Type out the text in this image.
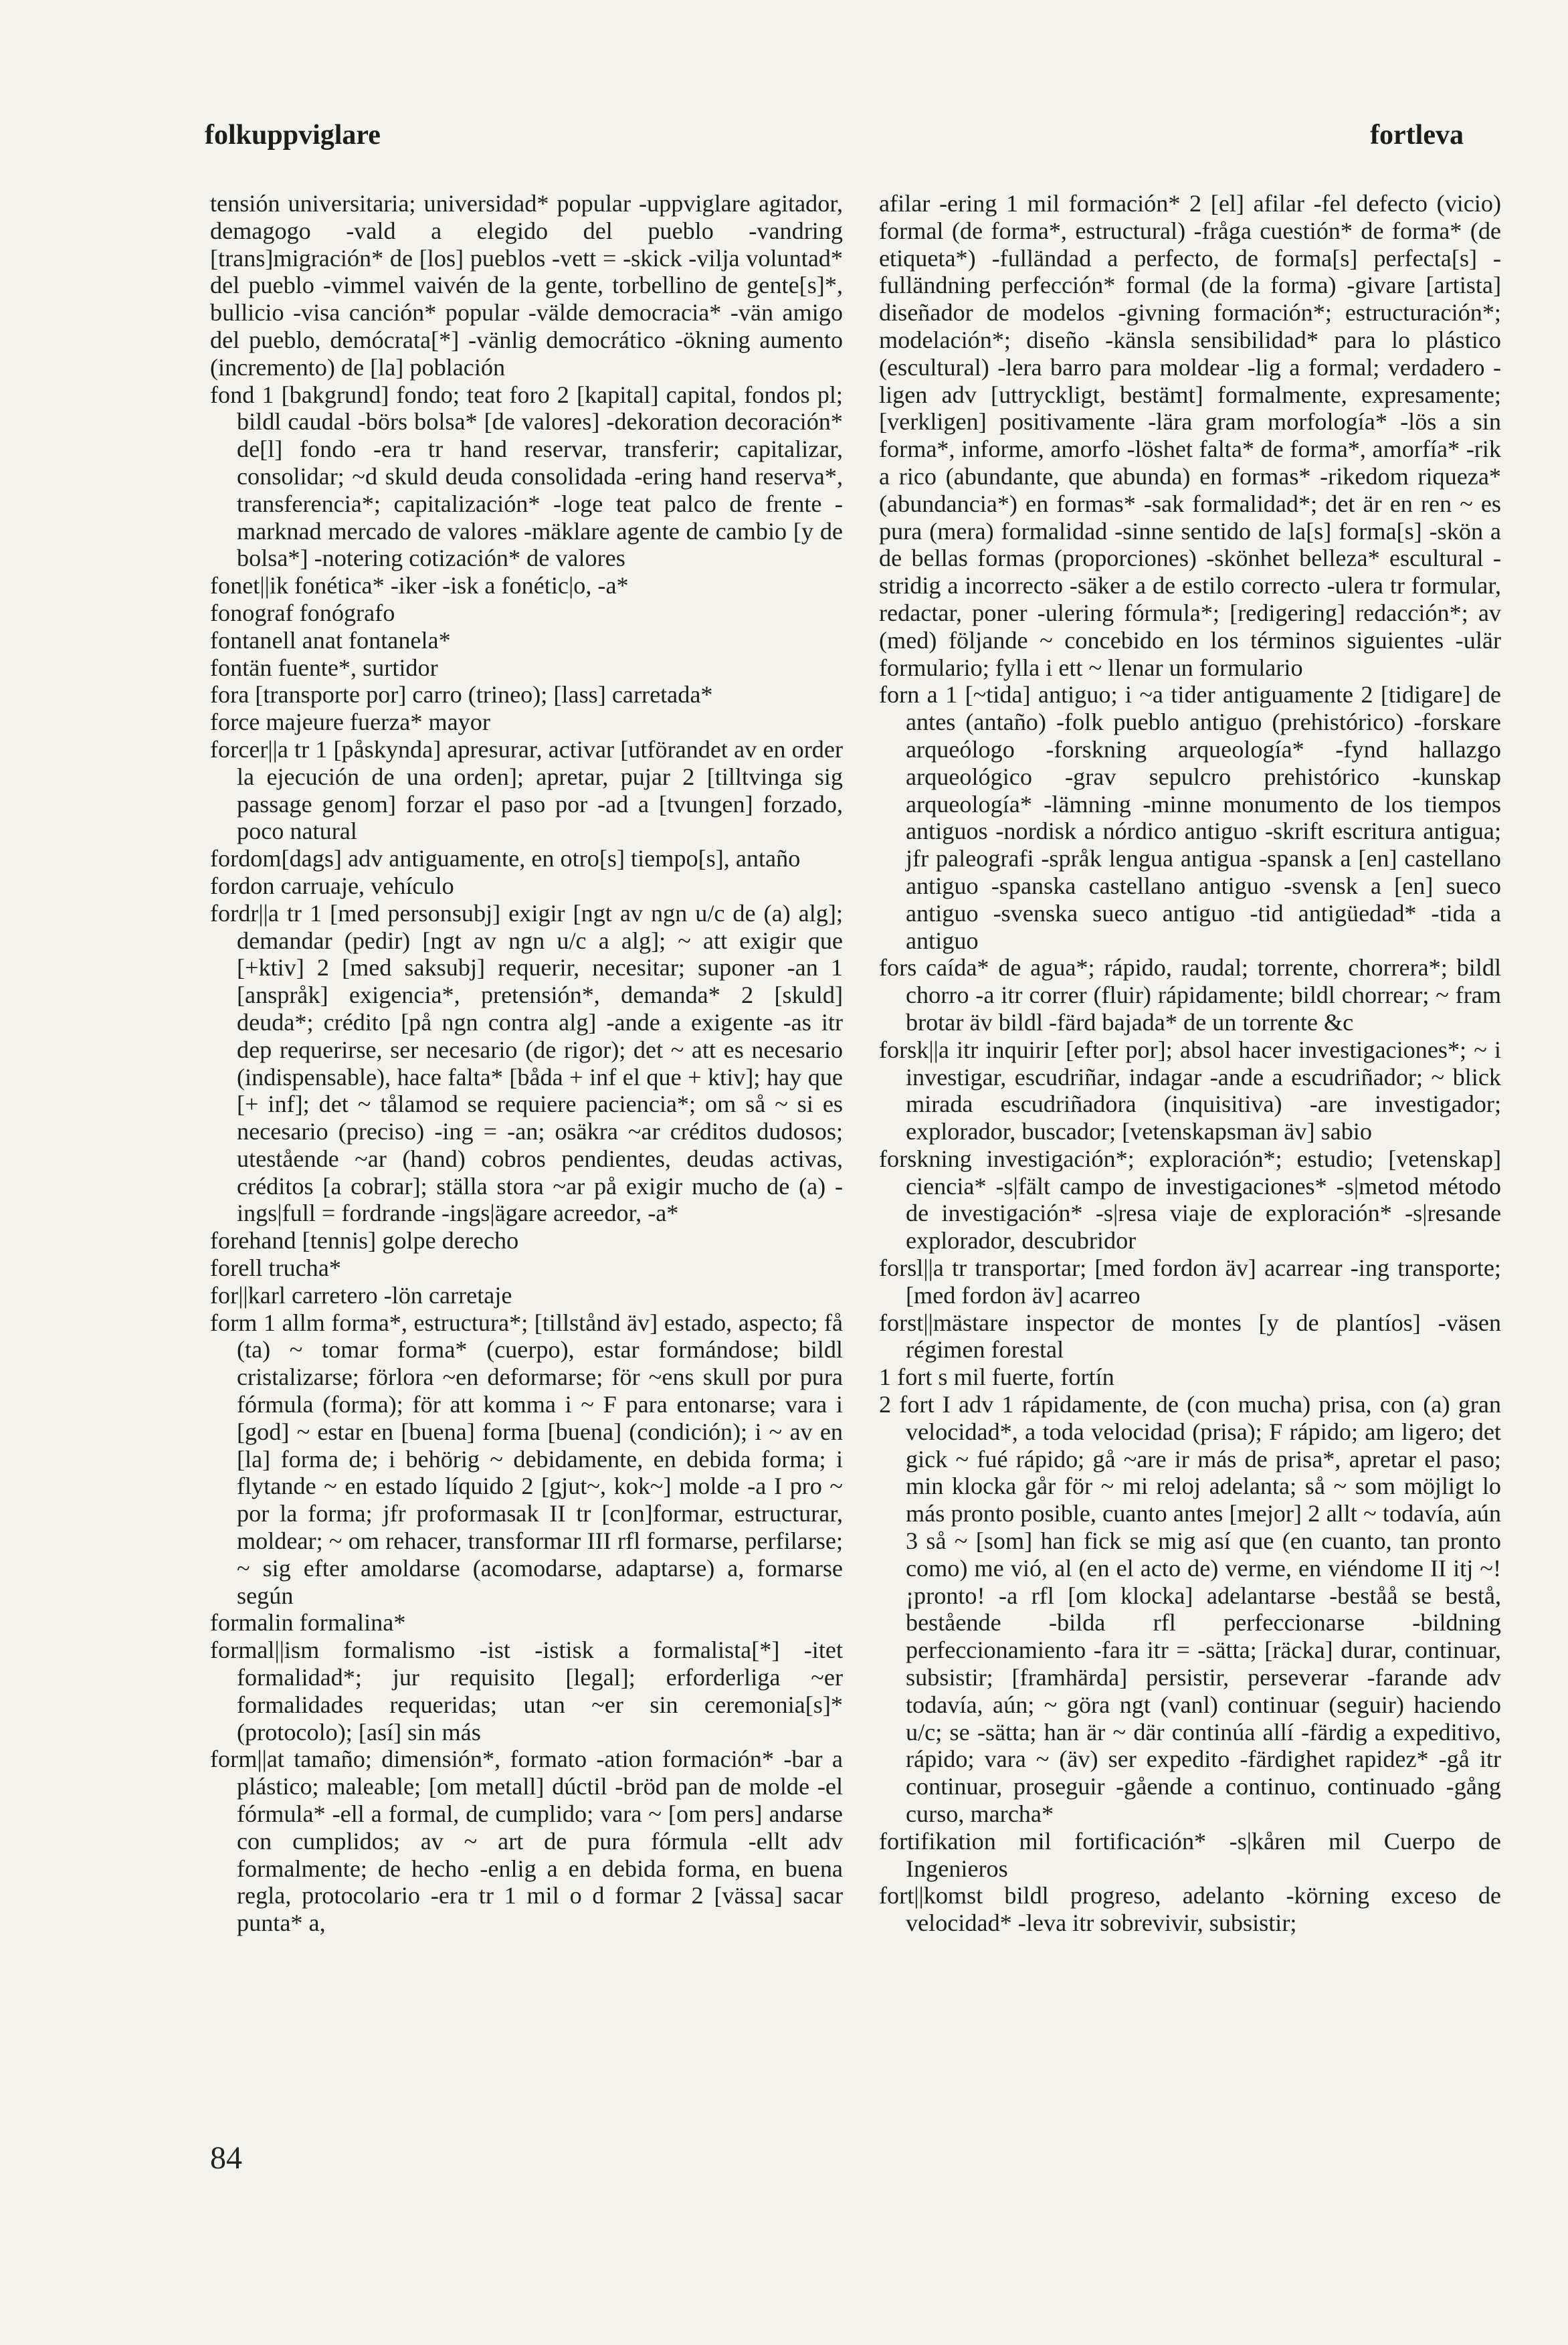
folkuppviglare	fortleva

tensión universitaria; universidad* popular -uppviglare agitador, demagogo -vald a elegido del pueblo -vandring [trans]migración* de [los] pueblos -vett = -skick -vilja voluntad* del pueblo -vimmel vaivén de la gente, torbellino de gente[s]*, bullicio -visa canción* popular -välde democracia* -vän amigo del pueblo, demócrata[*] -vänlig democrático -ökning aumento (incremento) de [la] población

fond 1 [bakgrund] fondo; teat foro 2 [kapital] capital, fondos pl; bildl caudal -börs bolsa* [de valores] -dekoration decoración* de[l] fondo -era tr hand reservar, transferir; capitalizar, consolidar; ~d skuld deuda consolidada -ering hand reserva*, transferencia*; capitalización* -loge teat palco de frente -marknad mercado de valores -mäklare agente de cambio [y de bolsa*] -notering cotización* de valores

fonet||ik fonética* -iker -isk a fonétic|o, -a*

fonograf fonógrafo

fontanell anat fontanela*

fontän fuente*, surtidor

fora [transporte por] carro (trineo); [lass] carretada*

force majeure fuerza* mayor

forcer||a tr 1 [påskynda] apresurar, activar [utförandet av en order la ejecución de una orden]; apretar, pujar 2 [tilltvinga sig passage genom] forzar el paso por -ad a [tvungen] forzado, poco natural

fordom[dags] adv antiguamente, en otro[s] tiempo[s], antaño

fordon carruaje, vehículo

fordr||a tr 1 [med personsubj] exigir [ngt av ngn u/c de (a) alg]; demandar (pedir) [ngt av ngn u/c a alg]; ~ att exigir que [+ktiv] 2 [med saksubj] requerir, necesitar; suponer -an 1 [anspråk] exigencia*, pretensión*, demanda* 2 [skuld] deuda*; crédito [på ngn contra alg] -ande a exigente -as itr dep requerirse, ser necesario (de rigor); det ~ att es necesario (indispensable), hace falta* [båda + inf el que + ktiv]; hay que [+ inf]; det ~ tålamod se requiere paciencia*; om så ~ si es necesario (preciso) -ing = -an; osäkra ~ar créditos dudosos; utestående ~ar (hand) cobros pendientes, deudas activas, créditos [a cobrar]; ställa stora ~ar på exigir mucho de (a) -ings|full = fordrande -ings|ägare acreedor, -a*

forehand [tennis] golpe derecho

forell trucha*

for||karl carretero -lön carretaje

form 1 allm forma*, estructura*; [tillstånd äv] estado, aspecto; få (ta) ~ tomar forma* (cuerpo), estar formándose; bildl cristalizarse; förlora ~en deformarse; för ~ens skull por pura fórmula (forma); för att komma i ~ F para entonarse; vara i [god] ~ estar en [buena] forma [buena] (condición); i ~ av en [la] forma de; i behörig ~ debidamente, en debida forma; i flytande ~ en estado líquido 2 [gjut~, kok~] molde -a I pro ~ por la forma; jfr proformasak II tr [con]formar, estructurar, moldear; ~ om rehacer, transformar III rfl formarse, perfilarse; ~ sig efter amoldarse (acomodarse, adaptarse) a, formarse según

formalin formalina*

formal||ism formalismo -ist -istisk a formalista[*] -itet formalidad*; jur requisito [legal]; erforderliga ~er formalidades requeridas; utan ~er sin ceremonia[s]* (protocolo); [así] sin más

form||at tamaño; dimensión*, formato -ation formación* -bar a plástico; maleable; [om metall] dúctil -bröd pan de molde -el fórmula* -ell a formal, de cumplido; vara ~ [om pers] andarse con cumplidos; av ~ art de pura fórmula -ellt adv formalmente; de hecho -enlig a en debida forma, en buena regla, protocolario -era tr 1 mil o d formar 2 [vässa] sacar punta* a,

afilar -ering 1 mil formación* 2 [el] afilar -fel defecto (vicio) formal (de forma*, estructural) -fråga cuestión* de forma* (de etiqueta*) -fulländad a perfecto, de forma[s] perfecta[s] -fulländning perfección* formal (de la forma) -givare [artista] diseñador de modelos -givning formación*; estructuración*; modelación*; diseño -känsla sensibilidad* para lo plástico (escultural) -lera barro para moldear -lig a formal; verdadero -ligen adv [uttryckligt, bestämt] formalmente, expresamente; [verkligen] positivamente -lära gram morfología* -lös a sin forma*, informe, amorfo -löshet falta* de forma*, amorfía* -rik a rico (abundante, que abunda) en formas* -rikedom riqueza* (abundancia*) en formas* -sak formalidad*; det är en ren ~ es pura (mera) formalidad -sinne sentido de la[s] forma[s] -skön a de bellas formas (proporciones) -skönhet belleza* escultural -stridig a incorrecto -säker a de estilo correcto -ulera tr formular, redactar, poner -ulering fórmula*; [redigering] redacción*; av (med) följande ~ concebido en los términos siguientes -ulär formulario; fylla i ett ~ llenar un formulario

forn a 1 [~tida] antiguo; i ~a tider antiguamente 2 [tidigare] de antes (antaño) -folk pueblo antiguo (prehistórico) -forskare arqueólogo -forskning arqueología* -fynd hallazgo arqueológico -grav sepulcro prehistórico -kunskap arqueología* -lämning -minne monumento de los tiempos antiguos -nordisk a nórdico antiguo -skrift escritura antigua; jfr paleografi -språk lengua antigua -spansk a [en] castellano antiguo -spanska castellano antiguo -svensk a [en] sueco antiguo -svenska sueco antiguo -tid antigüedad* -tida a antiguo

fors caída* de agua*; rápido, raudal; torrente, chorrera*; bildl chorro -a itr correr (fluir) rápidamente; bildl chorrear; ~ fram brotar äv bildl -färd bajada* de un torrente &c

forsk||a itr inquirir [efter por]; absol hacer investigaciones*; ~ i investigar, escudriñar, indagar -ande a escudriñador; ~ blick mirada escudriñadora (inquisitiva) -are investigador; explorador, buscador; [vetenskapsman äv] sabio

forskning investigación*; exploración*; estudio; [vetenskap] ciencia* -s|fält campo de investigaciones* -s|metod método de investigación* -s|resa viaje de exploración* -s|resande explorador, descubridor

forsl||a tr transportar; [med fordon äv] acarrear -ing transporte; [med fordon äv] acarreo

forst||mästare inspector de montes [y de plantíos] -väsen régimen forestal

1 fort s mil fuerte, fortín

2 fort I adv 1 rápidamente, de (con mucha) prisa, con (a) gran velocidad*, a toda velocidad (prisa); F rápido; am ligero; det gick ~ fué rápido; gå ~are ir más de prisa*, apretar el paso; min klocka går för ~ mi reloj adelanta; så ~ som möjligt lo más pronto posible, cuanto antes [mejor] 2 allt ~ todavía, aún 3 så ~ [som] han fick se mig así que (en cuanto, tan pronto como) me vió, al (en el acto de) verme, en viéndome II itj ~! ¡pronto! -a rfl [om klocka] adelantarse -beståå se bestå, bestående -bilda rfl perfeccionarse -bildning perfeccionamiento -fara itr = -sätta; [räcka] durar, continuar, subsistir; [framhärda] persistir, perseverar -farande adv todavía, aún; ~ göra ngt (vanl) continuar (seguir) haciendo u/c; se -sätta; han är ~ där continúa allí -färdig a expeditivo, rápido; vara ~ (äv) ser expedito -färdighet rapidez* -gå itr continuar, proseguir -gående a continuo, continuado -gång curso, marcha*

fortifikation mil fortificación* -s|kåren mil Cuerpo de Ingenieros

fort||komst bildl progreso, adelanto -körning exceso de velocidad* -leva itr sobrevivir, subsistir;

84
